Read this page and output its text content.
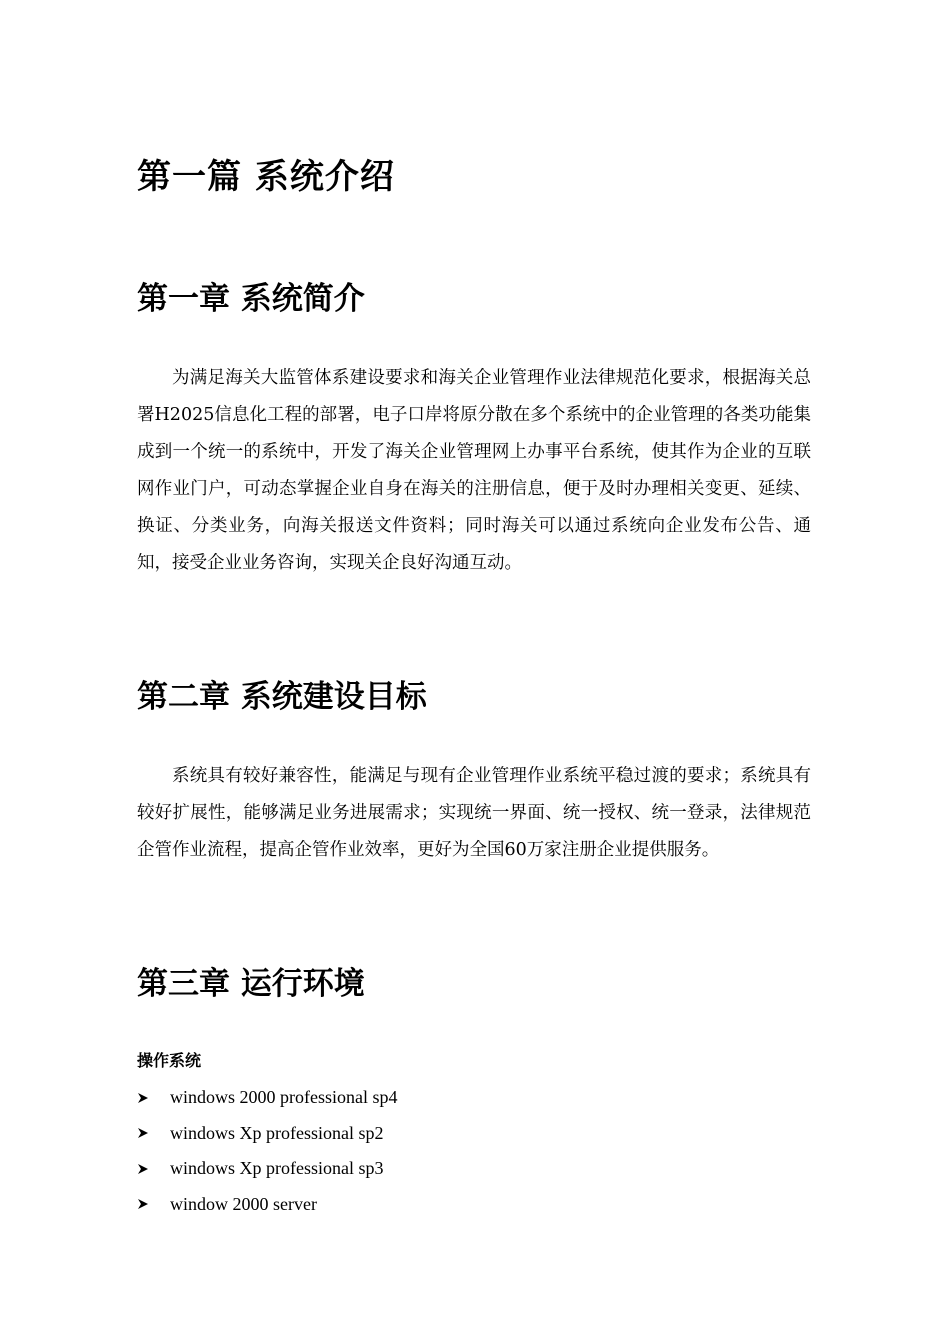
第一篇 系统介绍
第一章 系统简介

为满足海关大监管体系建设要求和海关企业管理作业法律规范化要求，根据海关总署H2025信息化工程的部署，电子口岸将原分散在多个系统中的企业管理的各类功能集成到一个统一的系统中，开发了海关企业管理网上办事平台系统，使其作为企业的互联网作业门户，可动态掌握企业自身在海关的注册信息，便于及时办理相关变更、延续、换证、分类业务，向海关报送文件资料；同时海关可以通过系统向企业发布公告、通知，接受企业业务咨询，实现关企良好沟通互动。

第二章 系统建设目标

系统具有较好兼容性，能满足与现有企业管理作业系统平稳过渡的要求；系统具有较好扩展性，能够满足业务进展需求；实现统一界面、统一授权、统一登录，法律规范企管作业流程，提高企管作业效率，更好为全国60万家注册企业提供服务。

第三章 运行环境
操作系统
windows 2000 professional sp4
windows Xp professional sp2
windows Xp professional sp3
window 2000 server
